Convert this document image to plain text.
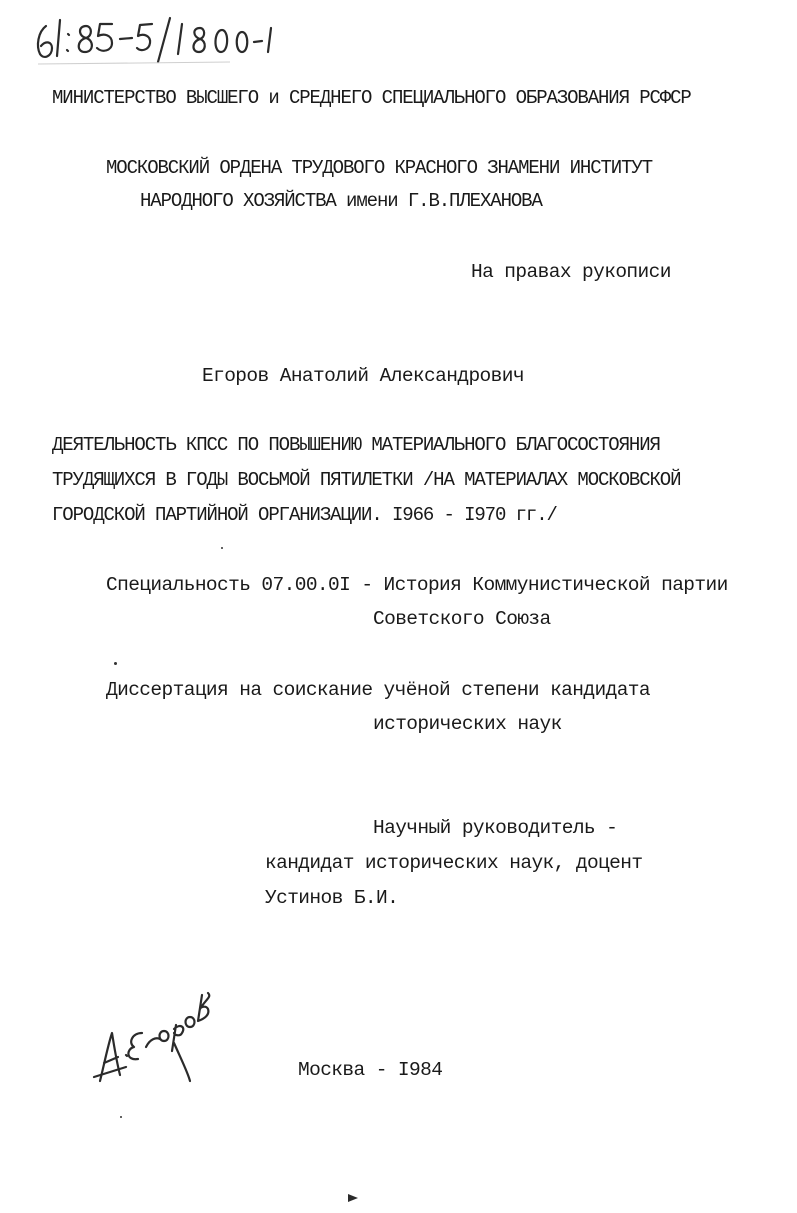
МИНИСТЕРСТВО ВЫСШЕГО и СРЕДНЕГО СПЕЦИАЛЬНОГО ОБРАЗОВАНИЯ РСФСР
МОСКОВСКИЙ ОРДЕНА ТРУДОВОГО КРАСНОГО ЗНАМЕНИ ИНСТИТУТ
НАРОДНОГО ХОЗЯЙСТВА имени Г.В.ПЛЕХАНОВА
На правах рукописи
Егоров Анатолий Александрович
ДЕЯТЕЛЬНОСТЬ КПСС ПО ПОВЫШЕНИЮ МАТЕРИАЛЬНОГО БЛАГОСОСТОЯНИЯ
ТРУДЯЩИХСЯ В ГОДЫ ВОСЬМОЙ ПЯТИЛЕТКИ /НА МАТЕРИАЛАХ МОСКОВСКОЙ
ГОРОДСКОЙ ПАРТИЙНОЙ ОРГАНИЗАЦИИ. I966 - I970 гг./
Специальность 07.00.0I - История Коммунистической партии
Советского Союза
Диссертация на соискание учёной степени кандидата
исторических наук
Научный руководитель -
кандидат исторических наук, доцент
Устинов Б.И.
Москва - I984
